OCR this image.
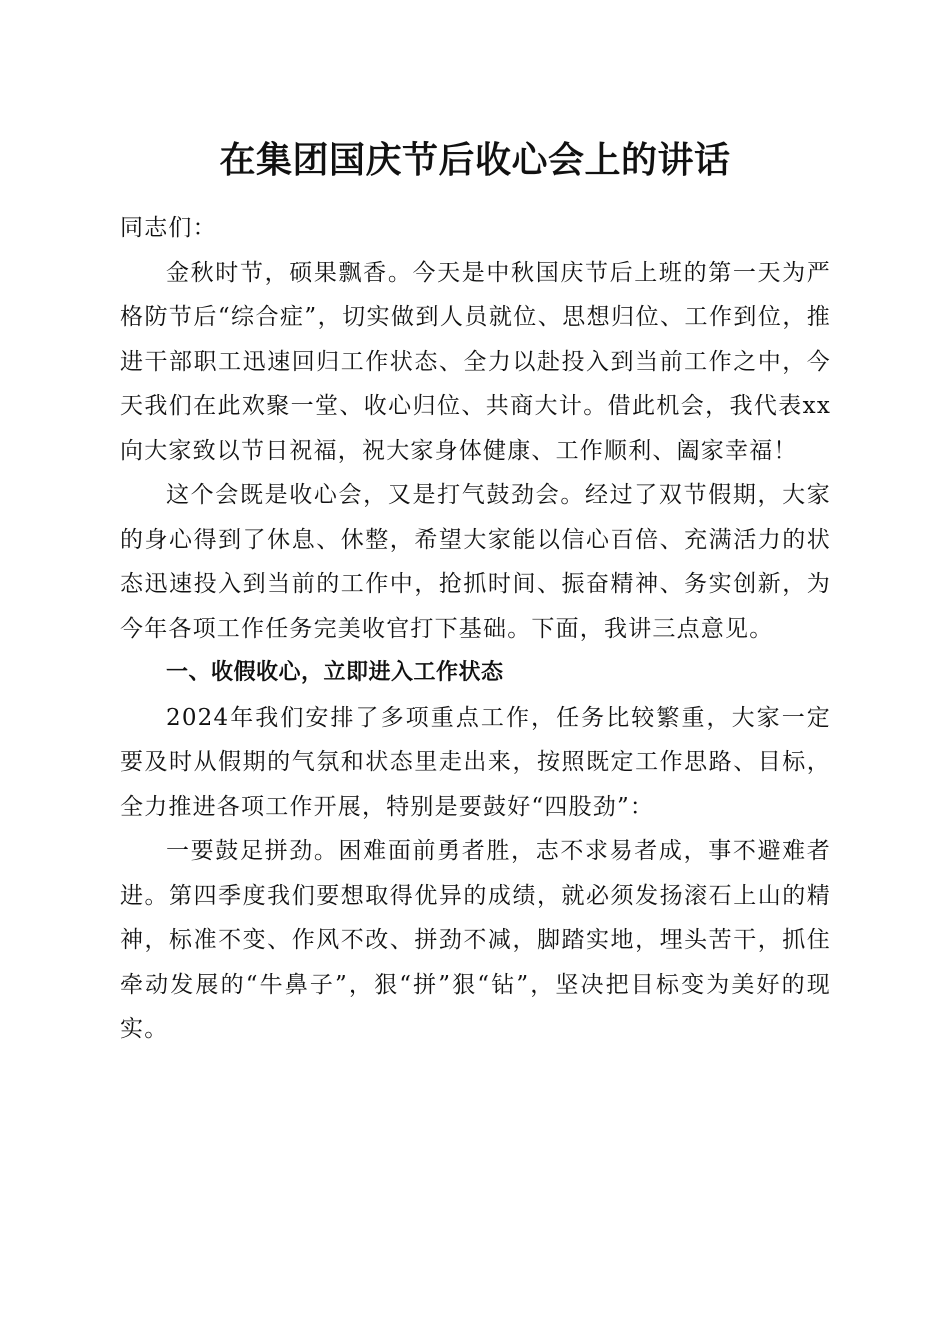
在集团国庆节后收心会上的讲话

同志们：

金秋时节，硕果飘香。今天是中秋国庆节后上班的第一天为严格防节后“综合症”，切实做到人员就位、思想归位、工作到位，推进干部职工迅速回归工作状态、全力以赴投入到当前工作之中，今天我们在此欢聚一堂、收心归位、共商大计。借此机会，我代表xx向大家致以节日祝福，祝大家身体健康、工作顺利、阖家幸福！

这个会既是收心会，又是打气鼓劲会。经过了双节假期，大家的身心得到了休息、休整，希望大家能以信心百倍、充满活力的状态迅速投入到当前的工作中，抢抓时间、振奋精神、务实创新，为今年各项工作任务完美收官打下基础。下面，我讲三点意见。

一、收假收心，立即进入工作状态

2024年我们安排了多项重点工作，任务比较繁重，大家一定要及时从假期的气氛和状态里走出来，按照既定工作思路、目标，全力推进各项工作开展，特别是要鼓好“四股劲”：

一要鼓足拼劲。困难面前勇者胜，志不求易者成，事不避难者进。第四季度我们要想取得优异的成绩，就必须发扬滚石上山的精神，标准不变、作风不改、拼劲不减，脚踏实地，埋头苦干，抓住牵动发展的“牛鼻子”，狠“拼”狠“钻”，坚决把目标变为美好的现实。
